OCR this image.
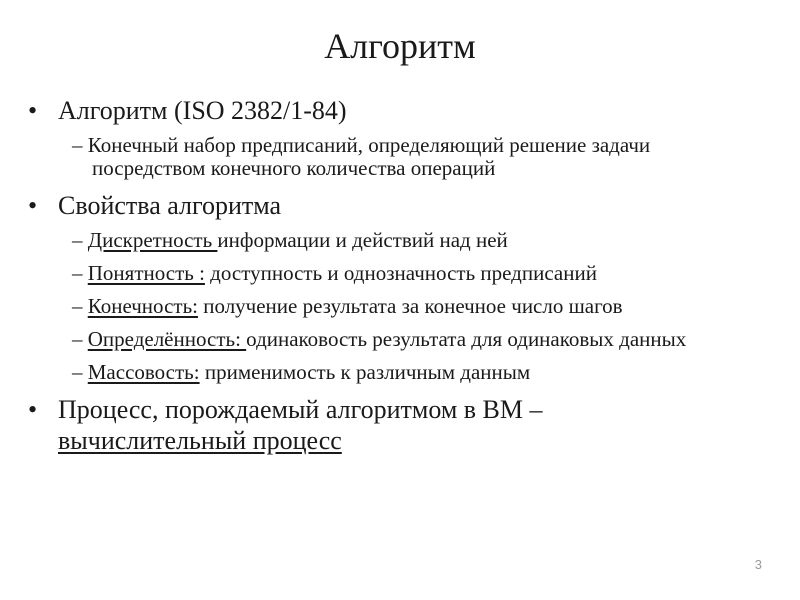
Алгоритм
•
Алгоритм (ISO 2382/1-84)
– Конечный набор предписаний, определяющий решение задачи посредством конечного количества операций
•
Свойства алгоритма
– Дискретность информации и действий над ней
– Понятность : доступность и однозначность предписаний
– Конечность: получение результата за конечное число шагов
– Определённость: одинаковость результата для одинаковых данных
– Массовость: применимость к различным данным
•
Процесс, порождаемый алгоритмом в ВМ –
вычислительный процесс
3
